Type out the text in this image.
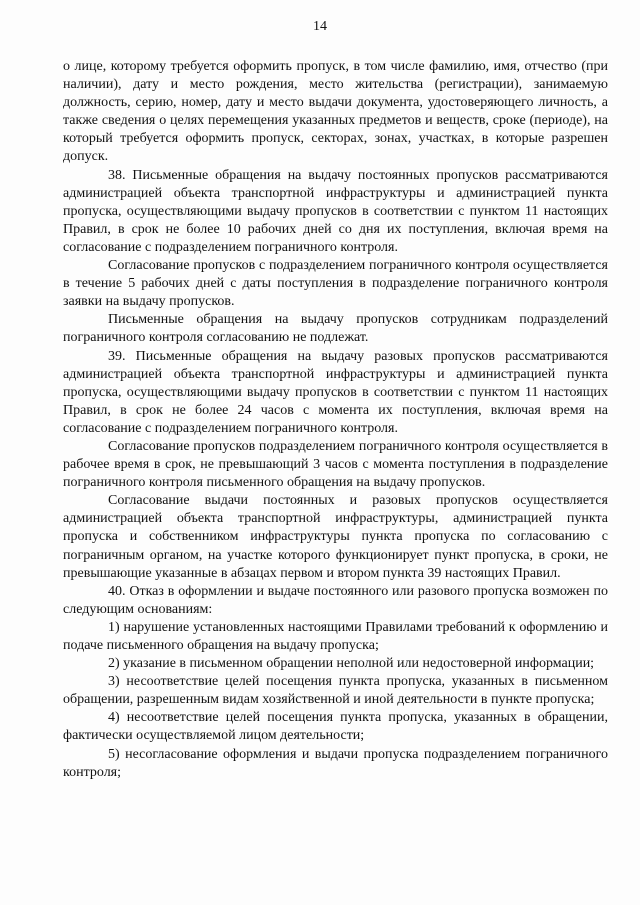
14

о лице, которому требуется оформить пропуск, в том числе фамилию, имя, отчество (при наличии), дату и место рождения, место жительства (регистрации), занимаемую должность, серию, номер, дату и место выдачи документа, удостоверяющего личность, а также сведения о целях перемещения указанных предметов и веществ, сроке (периоде), на который требуется оформить пропуск, секторах, зонах, участках, в которые разрешен допуск.

38. Письменные обращения на выдачу постоянных пропусков рассматриваются администрацией объекта транспортной инфраструктуры и администрацией пункта пропуска, осуществляющими выдачу пропусков в соответствии с пунктом 11 настоящих Правил, в срок не более 10 рабочих дней со дня их поступления, включая время на согласование с подразделением пограничного контроля.

Согласование пропусков с подразделением пограничного контроля осуществляется в течение 5 рабочих дней с даты поступления в подразделение пограничного контроля заявки на выдачу пропусков.

Письменные обращения на выдачу пропусков сотрудникам подразделений пограничного контроля согласованию не подлежат.

39. Письменные обращения на выдачу разовых пропусков рассматриваются администрацией объекта транспортной инфраструктуры и администрацией пункта пропуска, осуществляющими выдачу пропусков в соответствии с пунктом 11 настоящих Правил, в срок не более 24 часов с момента их поступления, включая время на согласование с подразделением пограничного контроля.

Согласование пропусков подразделением пограничного контроля осуществляется в рабочее время в срок, не превышающий 3 часов с момента поступления в подразделение пограничного контроля письменного обращения на выдачу пропусков.

Согласование выдачи постоянных и разовых пропусков осуществляется администрацией объекта транспортной инфраструктуры, администрацией пункта пропуска и собственником инфраструктуры пункта пропуска по согласованию с пограничным органом, на участке которого функционирует пункт пропуска, в сроки, не превышающие указанные в абзацах первом и втором пункта 39 настоящих Правил.

40. Отказ в оформлении и выдаче постоянного или разового пропуска возможен по следующим основаниям:

1) нарушение установленных настоящими Правилами требований к оформлению и подаче письменного обращения на выдачу пропуска;

2) указание в письменном обращении неполной или недостоверной информации;

3) несоответствие целей посещения пункта пропуска, указанных в письменном обращении, разрешенным видам хозяйственной и иной деятельности в пункте пропуска;

4) несоответствие целей посещения пункта пропуска, указанных в обращении, фактически осуществляемой лицом деятельности;

5) несогласование оформления и выдачи пропуска подразделением пограничного контроля;
